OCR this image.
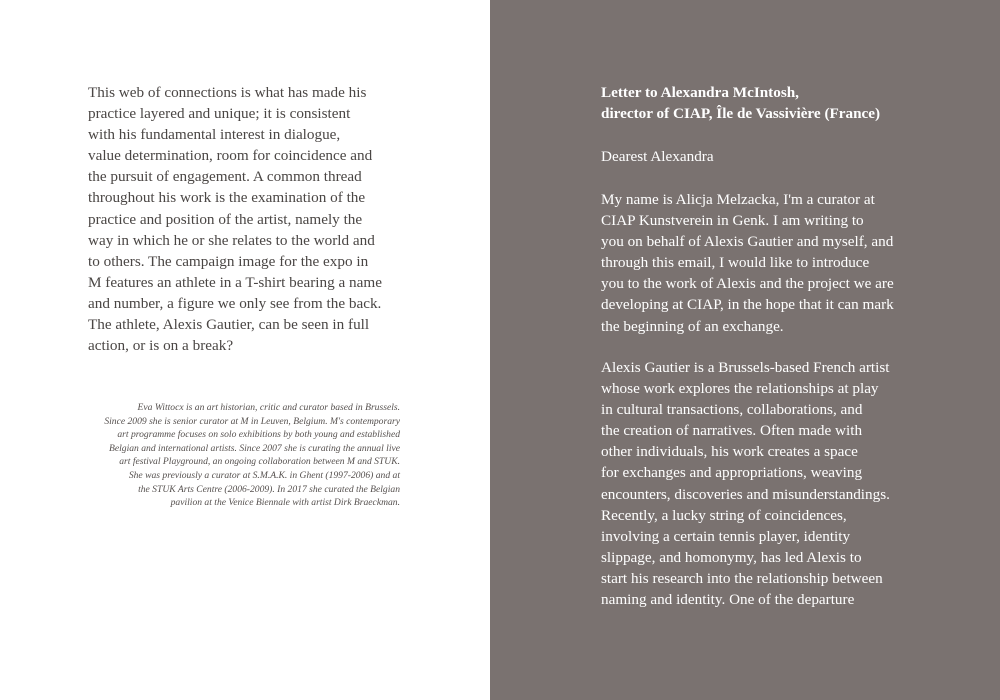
This web of connections is what has made his
practice layered and unique; it is consistent
with his fundamental interest in dialogue,
value determination, room for coincidence and
the pursuit of engagement. A common thread
throughout his work is the examination of the
practice and position of the artist, namely the
way in which he or she relates to the world and
to others. The campaign image for the expo in
M features an athlete in a T-shirt bearing a name
and number, a figure we only see from the back.
The athlete, Alexis Gautier, can be seen in full
action, or is on a break?

Eva Wittocx is an art historian, critic and curator based in Brussels.
Since 2009 she is senior curator at M in Leuven, Belgium. M's contemporary
art programme focuses on solo exhibitions by both young and established
Belgian and international artists. Since 2007 she is curating the annual live
art festival Playground, an ongoing collaboration between M and STUK.
She was previously a curator at S.M.A.K. in Ghent (1997-2006) and at
the STUK Arts Centre (2006-2009). In 2017 she curated the Belgian
pavilion at the Venice Biennale with artist Dirk Braeckman.

Letter to Alexandra McIntosh,
director of CIAP, Île de Vassivière (France)

Dearest Alexandra

My name is Alicja Melzacka, I'm a curator at
CIAP Kunstverein in Genk. I am writing to
you on behalf of Alexis Gautier and myself, and
through this email, I would like to introduce
you to the work of Alexis and the project we are
developing at CIAP, in the hope that it can mark
the beginning of an exchange.

Alexis Gautier is a Brussels-based French artist
whose work explores the relationships at play
in cultural transactions, collaborations, and
the creation of narratives. Often made with
other individuals, his work creates a space
for exchanges and appropriations, weaving
encounters, discoveries and misunderstandings.
Recently, a lucky string of coincidences,
involving a certain tennis player, identity
slippage, and homonymy, has led Alexis to
start his research into the relationship between
naming and identity. One of the departure
